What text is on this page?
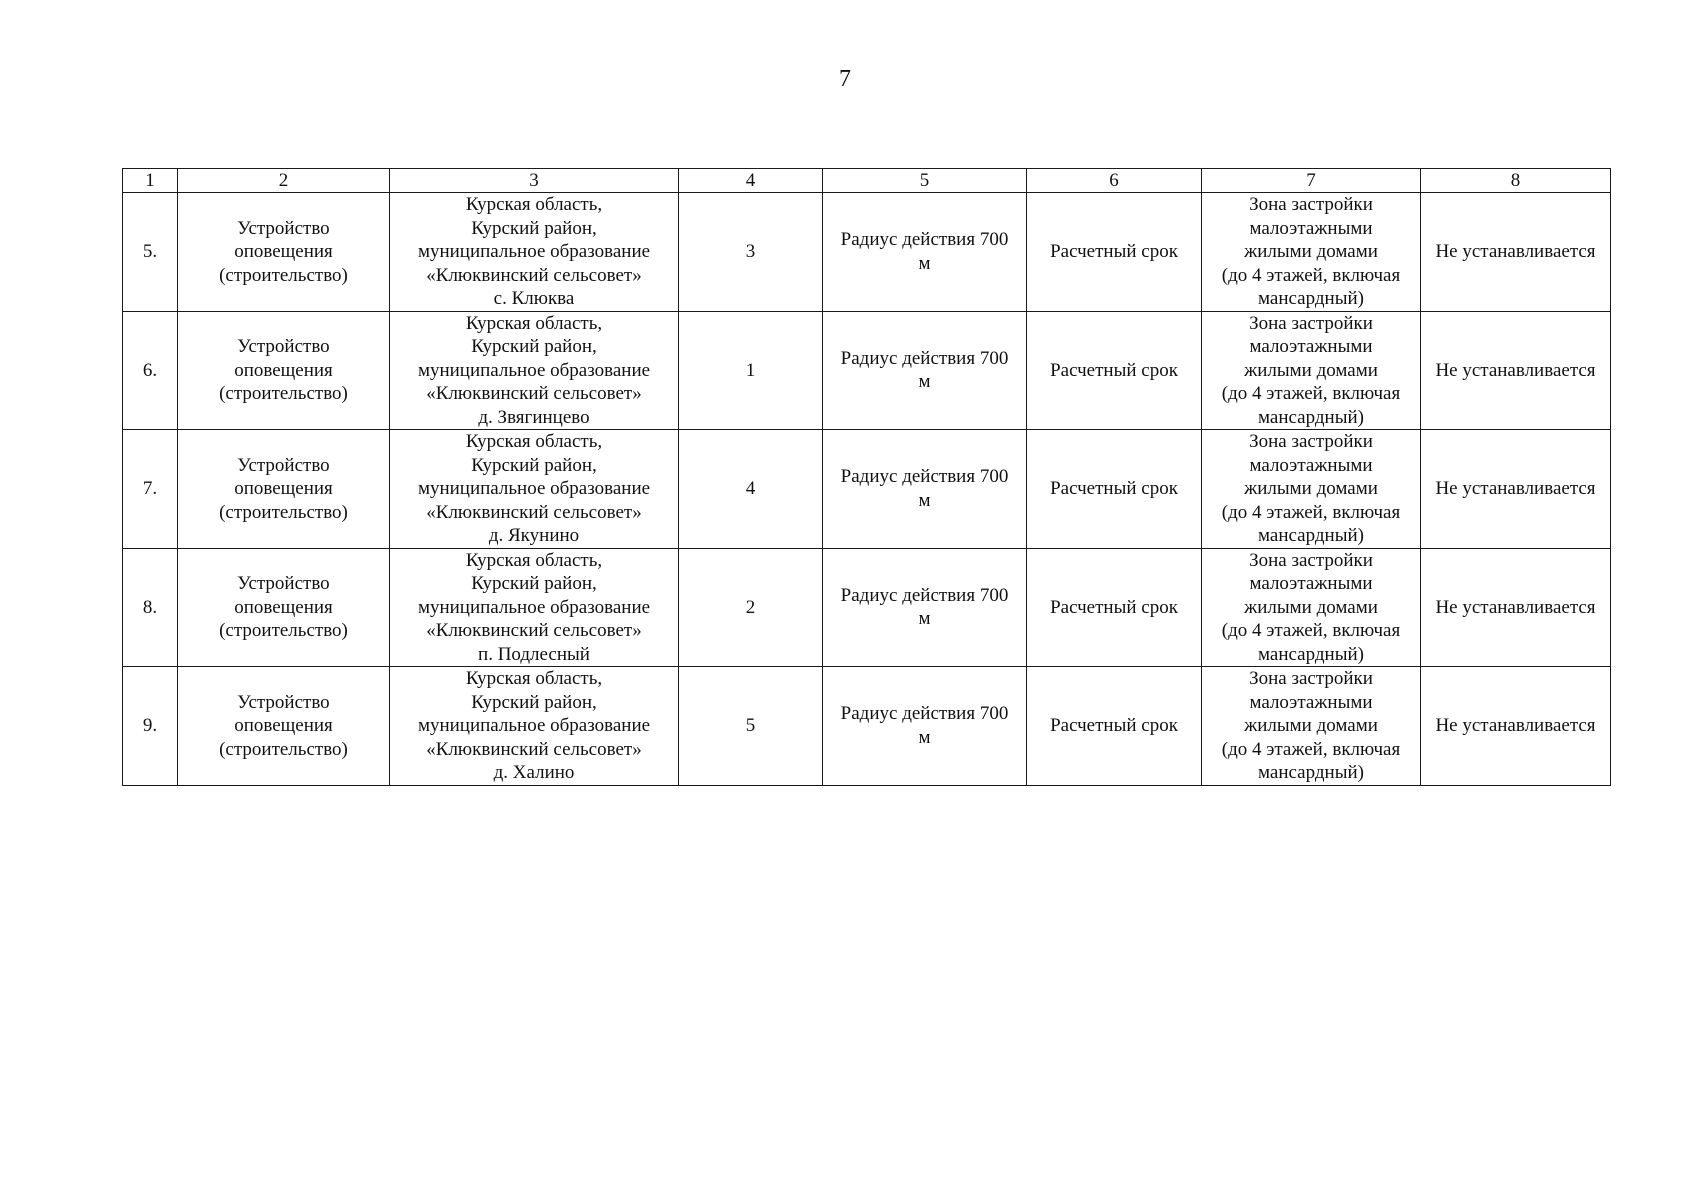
7
1	2	3	4	5	6	7	8
5.	Устройство
оповещения
(строительство)	Курская область,
Курский район,
муниципальное образование
«Клюквинский сельсовет»
с. Клюква	3	Радиус действия 700
м	Расчетный срок	Зона застройки
малоэтажными
жилыми домами
(до 4 этажей, включая
мансардный)	Не устанавливается
6.	Устройство
оповещения
(строительство)	Курская область,
Курский район,
муниципальное образование
«Клюквинский сельсовет»
д. Звягинцево	1	Радиус действия 700
м	Расчетный срок	Зона застройки
малоэтажными
жилыми домами
(до 4 этажей, включая
мансардный)	Не устанавливается
7.	Устройство
оповещения
(строительство)	Курская область,
Курский район,
муниципальное образование
«Клюквинский сельсовет»
д. Якунино	4	Радиус действия 700
м	Расчетный срок	Зона застройки
малоэтажными
жилыми домами
(до 4 этажей, включая
мансардный)	Не устанавливается
8.	Устройство
оповещения
(строительство)	Курская область,
Курский район,
муниципальное образование
«Клюквинский сельсовет»
п. Подлесный	2	Радиус действия 700
м	Расчетный срок	Зона застройки
малоэтажными
жилыми домами
(до 4 этажей, включая
мансардный)	Не устанавливается
9.	Устройство
оповещения
(строительство)	Курская область,
Курский район,
муниципальное образование
«Клюквинский сельсовет»
д. Халино	5	Радиус действия 700
м	Расчетный срок	Зона застройки
малоэтажными
жилыми домами
(до 4 этажей, включая
мансардный)	Не устанавливается
